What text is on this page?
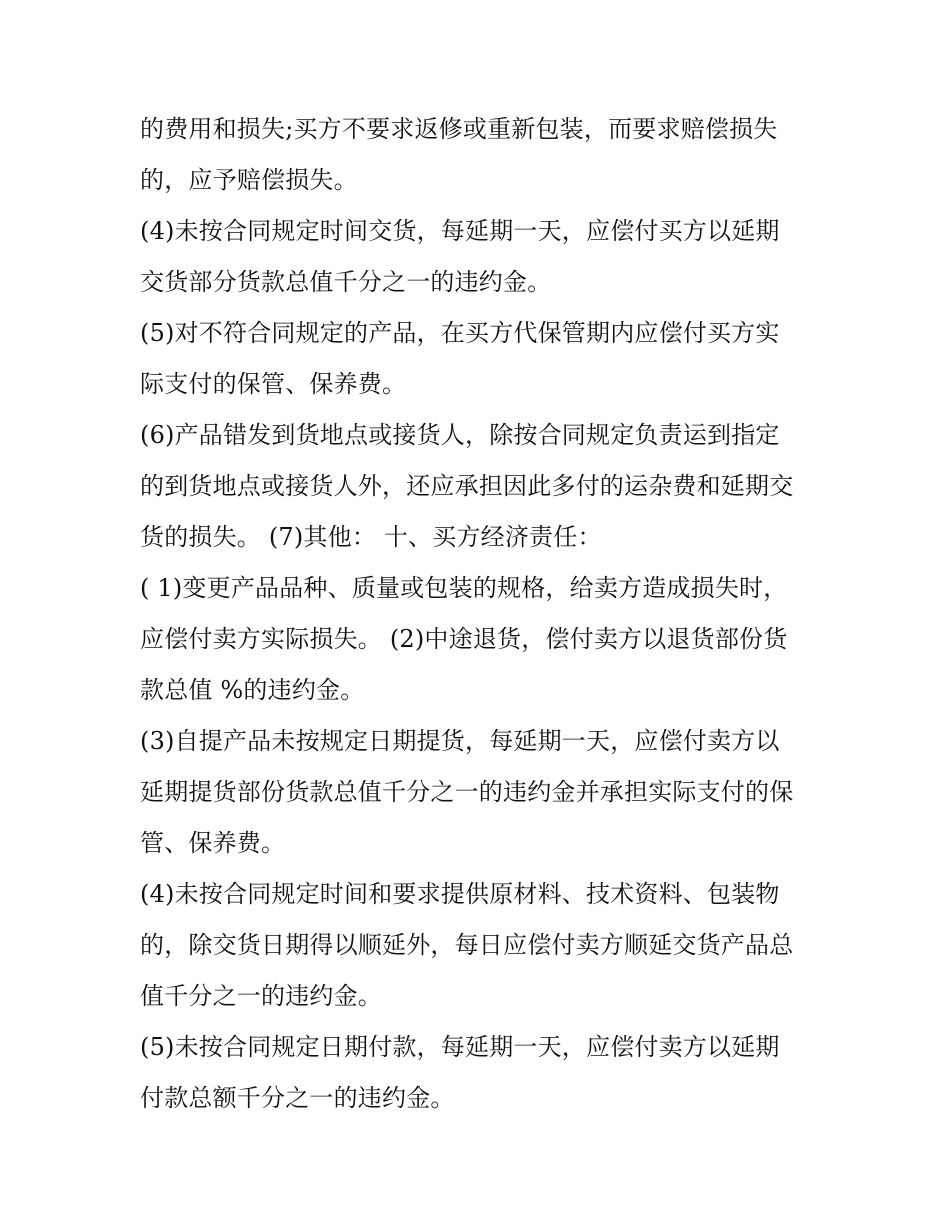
的费用和损失;买方不要求返修或重新包装，而要求赔偿损失
的，应予赔偿损失。
(4)未按合同规定时间交货，每延期一天，应偿付买方以延期
交货部分货款总值千分之一的违约金。
(5)对不符合同规定的产品，在买方代保管期内应偿付买方实
际支付的保管、保养费。
(6)产品错发到货地点或接货人，除按合同规定负责运到指定
的到货地点或接货人外，还应承担因此多付的运杂费和延期交
货的损失。 (7)其他： 十、买方经济责任：
( 1)变更产品品种、质量或包装的规格，给卖方造成损失时，
应偿付卖方实际损失。 (2)中途退货，偿付卖方以退货部份货
款总值 %的违约金。
(3)自提产品未按规定日期提货，每延期一天，应偿付卖方以
延期提货部份货款总值千分之一的违约金并承担实际支付的保
管、保养费。
(4)未按合同规定时间和要求提供原材料、技术资料、包装物
的，除交货日期得以顺延外，每日应偿付卖方顺延交货产品总
值千分之一的违约金。
(5)未按合同规定日期付款，每延期一天，应偿付卖方以延期
付款总额千分之一的违约金。
